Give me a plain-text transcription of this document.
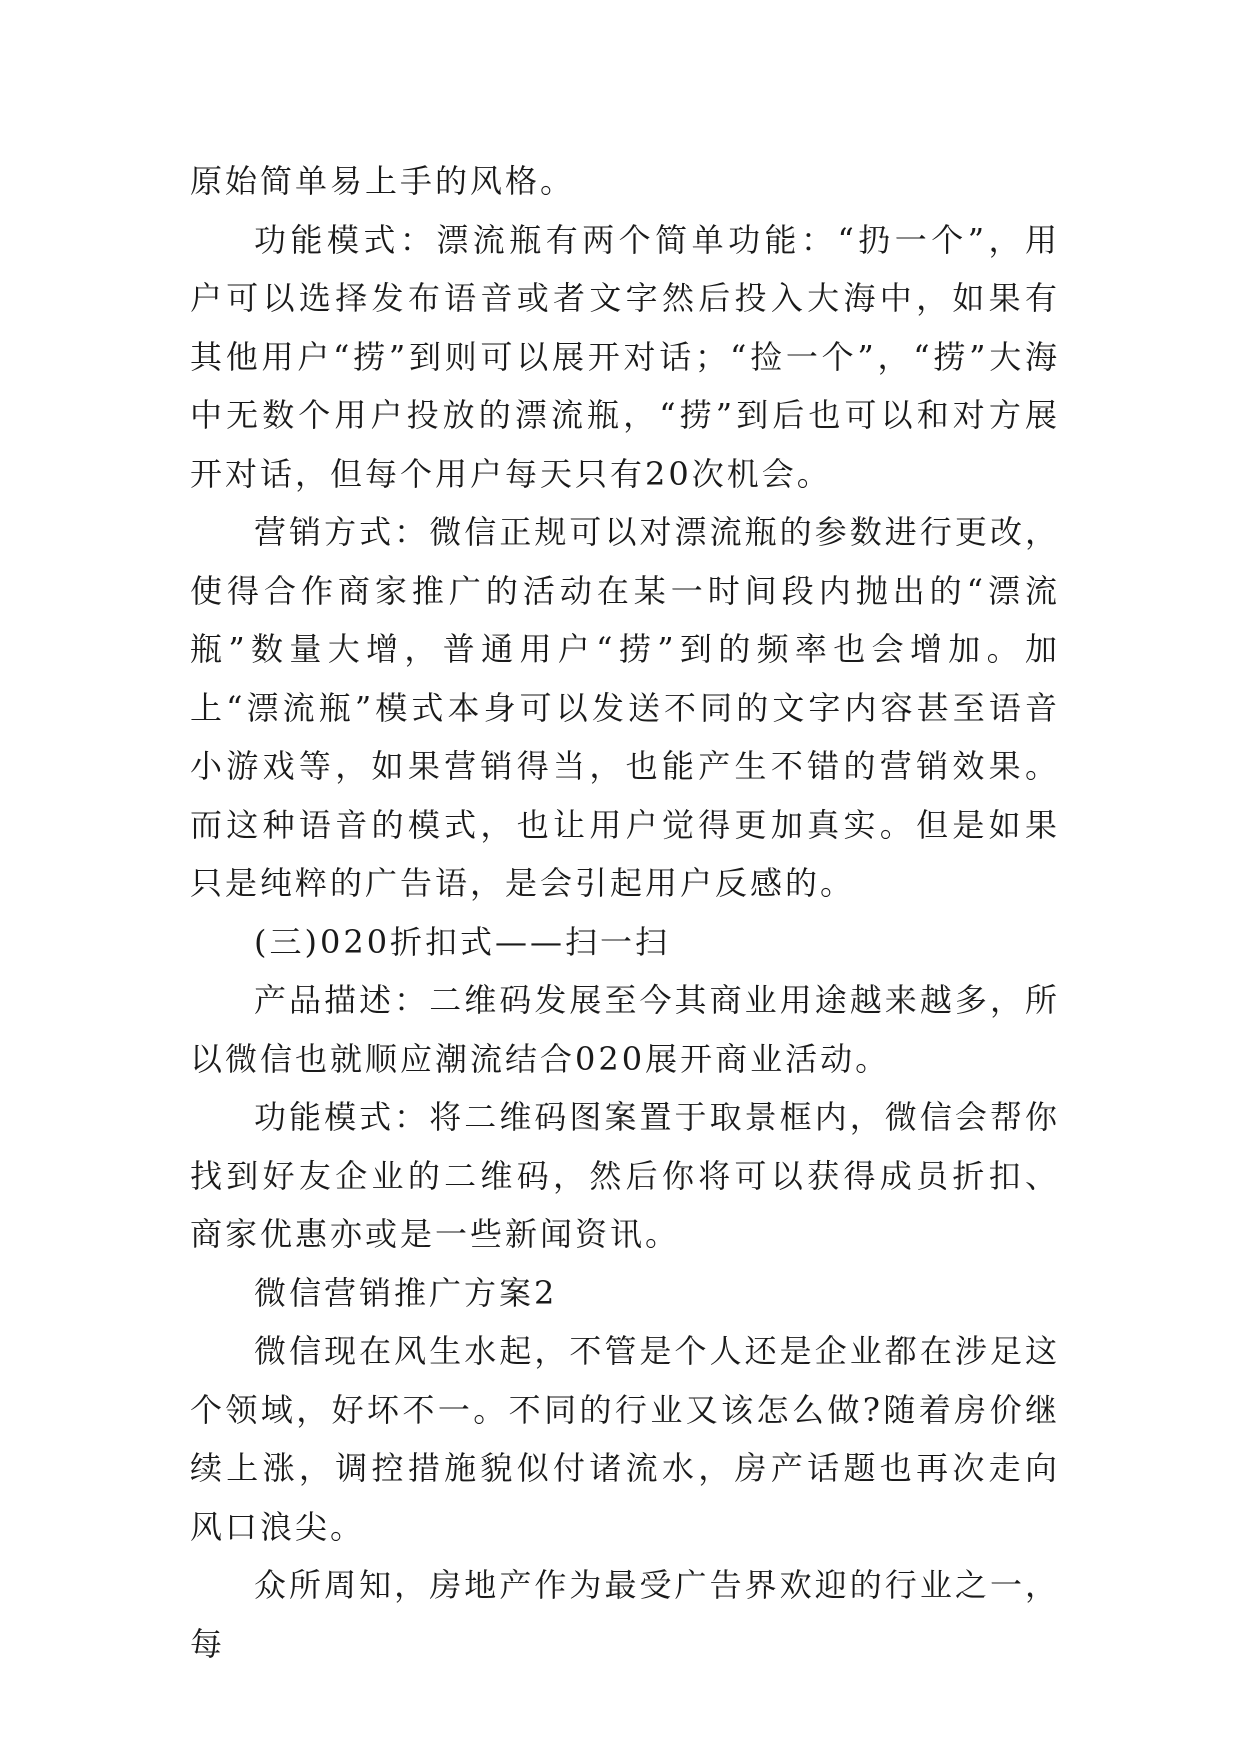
原始简单易上手的风格。

功能模式：漂流瓶有两个简单功能：“扔一个”，用户可以选择发布语音或者文字然后投入大海中，如果有其他用户“捞”到则可以展开对话；“捡一个”，“捞”大海中无数个用户投放的漂流瓶，“捞”到后也可以和对方展开对话，但每个用户每天只有20次机会。

营销方式：微信正规可以对漂流瓶的参数进行更改，使得合作商家推广的活动在某一时间段内抛出的“漂流瓶”数量大增，普通用户“捞”到的频率也会增加。加上“漂流瓶”模式本身可以发送不同的文字内容甚至语音小游戏等，如果营销得当，也能产生不错的营销效果。而这种语音的模式，也让用户觉得更加真实。但是如果只是纯粹的广告语，是会引起用户反感的。

(三)020折扣式——扫一扫

产品描述：二维码发展至今其商业用途越来越多，所以微信也就顺应潮流结合020展开商业活动。

功能模式：将二维码图案置于取景框内，微信会帮你找到好友企业的二维码，然后你将可以获得成员折扣、商家优惠亦或是一些新闻资讯。

微信营销推广方案2

微信现在风生水起，不管是个人还是企业都在涉足这个领域，好坏不一。不同的行业又该怎么做?随着房价继续上涨，调控措施貌似付诸流水，房产话题也再次走向风口浪尖。

众所周知，房地产作为最受广告界欢迎的行业之一，每
